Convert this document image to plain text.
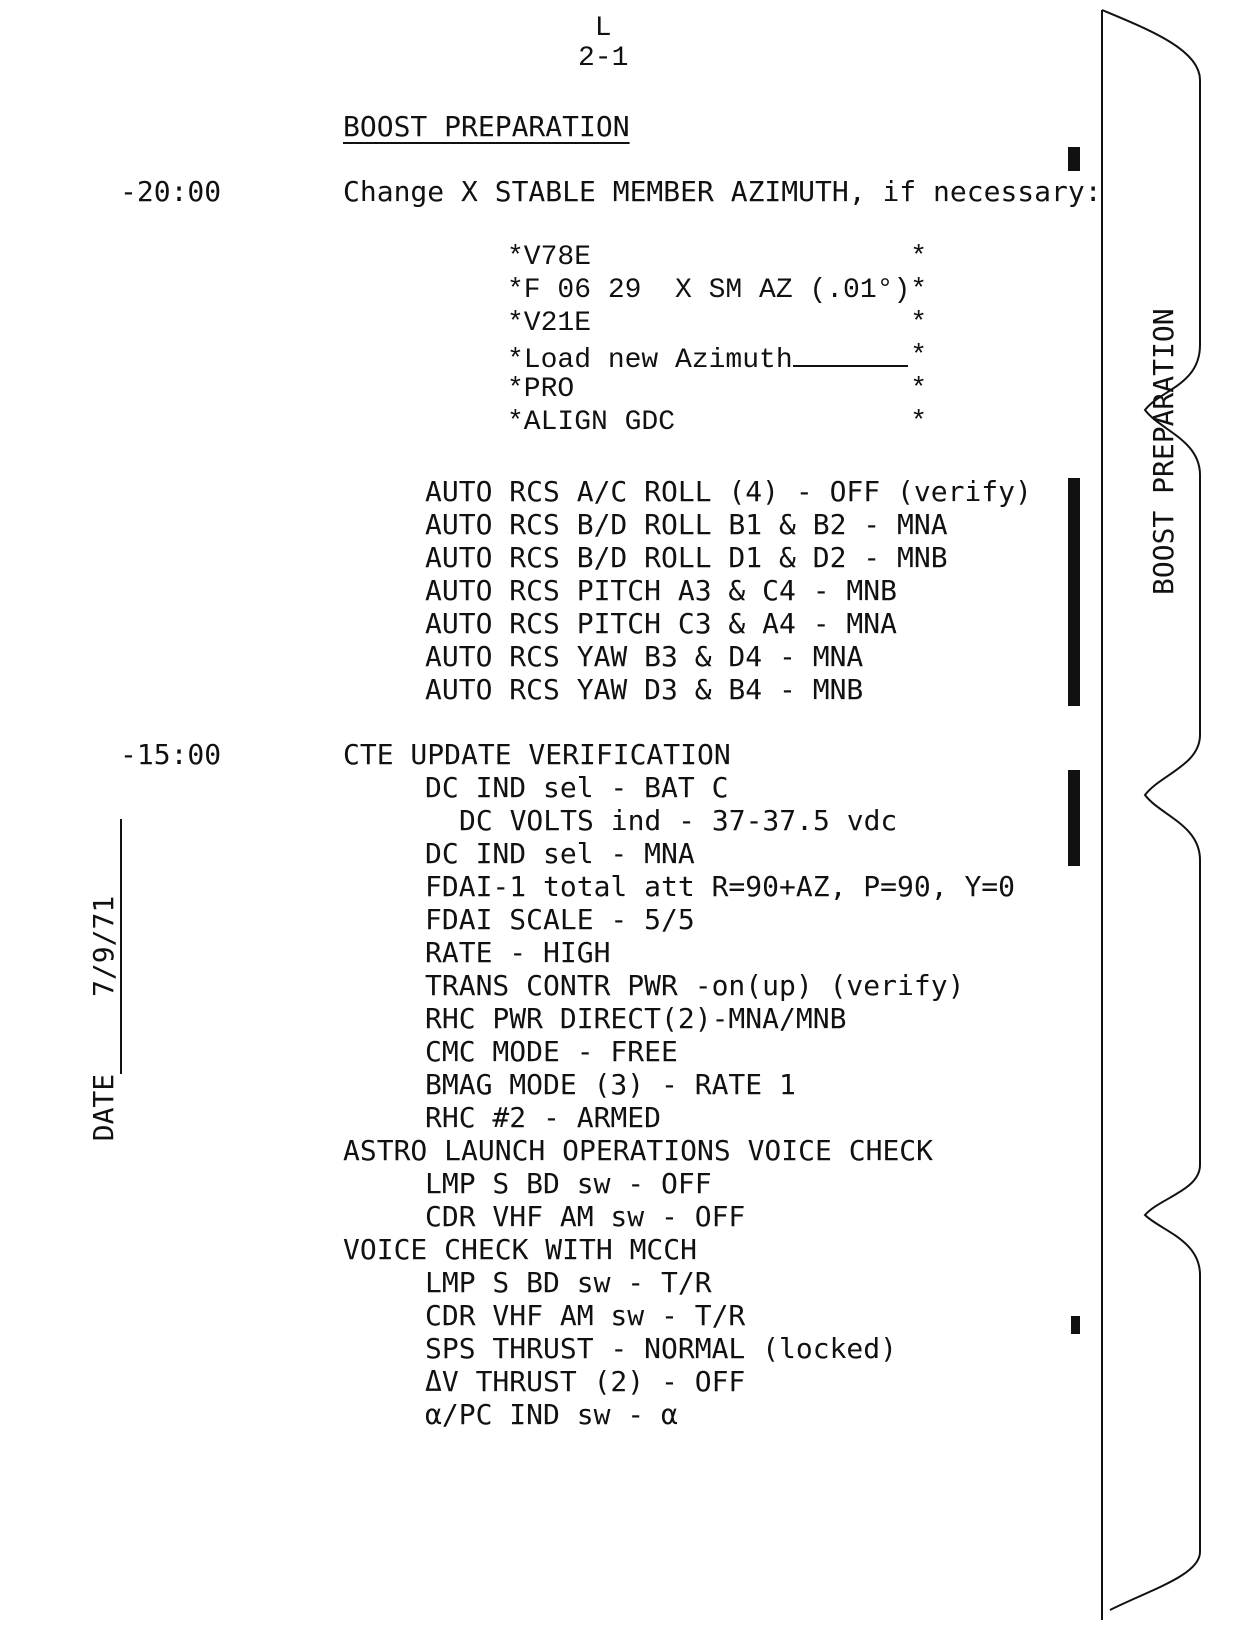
L
2-1
BOOST PREPARATION
-20:00	Change X STABLE MEMBER AZIMUTH, if necessary:
*V78E	*
*F 06 29  X SM AZ (.01°) *
*V21E	*
*Load new Azimuth	*
*PRO	*
*ALIGN GDC	*
AUTO RCS A/C ROLL (4) - OFF (verify)
AUTO RCS B/D ROLL B1 & B2 - MNA
AUTO RCS B/D ROLL D1 & D2 - MNB
AUTO RCS PITCH A3 & C4 - MNB
AUTO RCS PITCH C3 & A4 - MNA
AUTO RCS YAW B3 & D4 - MNA
AUTO RCS YAW D3 & B4 - MNB
-15:00	CTE UPDATE VERIFICATION
DC IND sel - BAT C
DC VOLTS ind - 37-37.5 vdc
DC IND sel - MNA
FDAI-1 total att R=90+AZ, P=90, Y=0
FDAI SCALE - 5/5
RATE - HIGH
TRANS CONTR PWR -on(up) (verify)
RHC PWR DIRECT(2)-MNA/MNB
CMC MODE - FREE
BMAG MODE (3) - RATE 1
RHC #2 - ARMED
ASTRO LAUNCH OPERATIONS VOICE CHECK
LMP S BD sw - OFF
CDR VHF AM sw - OFF
VOICE CHECK WITH MCCH
LMP S BD sw - T/R
CDR VHF AM sw - T/R
SPS THRUST - NORMAL (locked)
ΔV THRUST (2) - OFF
α/PC IND sw - α
BOOST PREPARATION

DATE7/9/71
